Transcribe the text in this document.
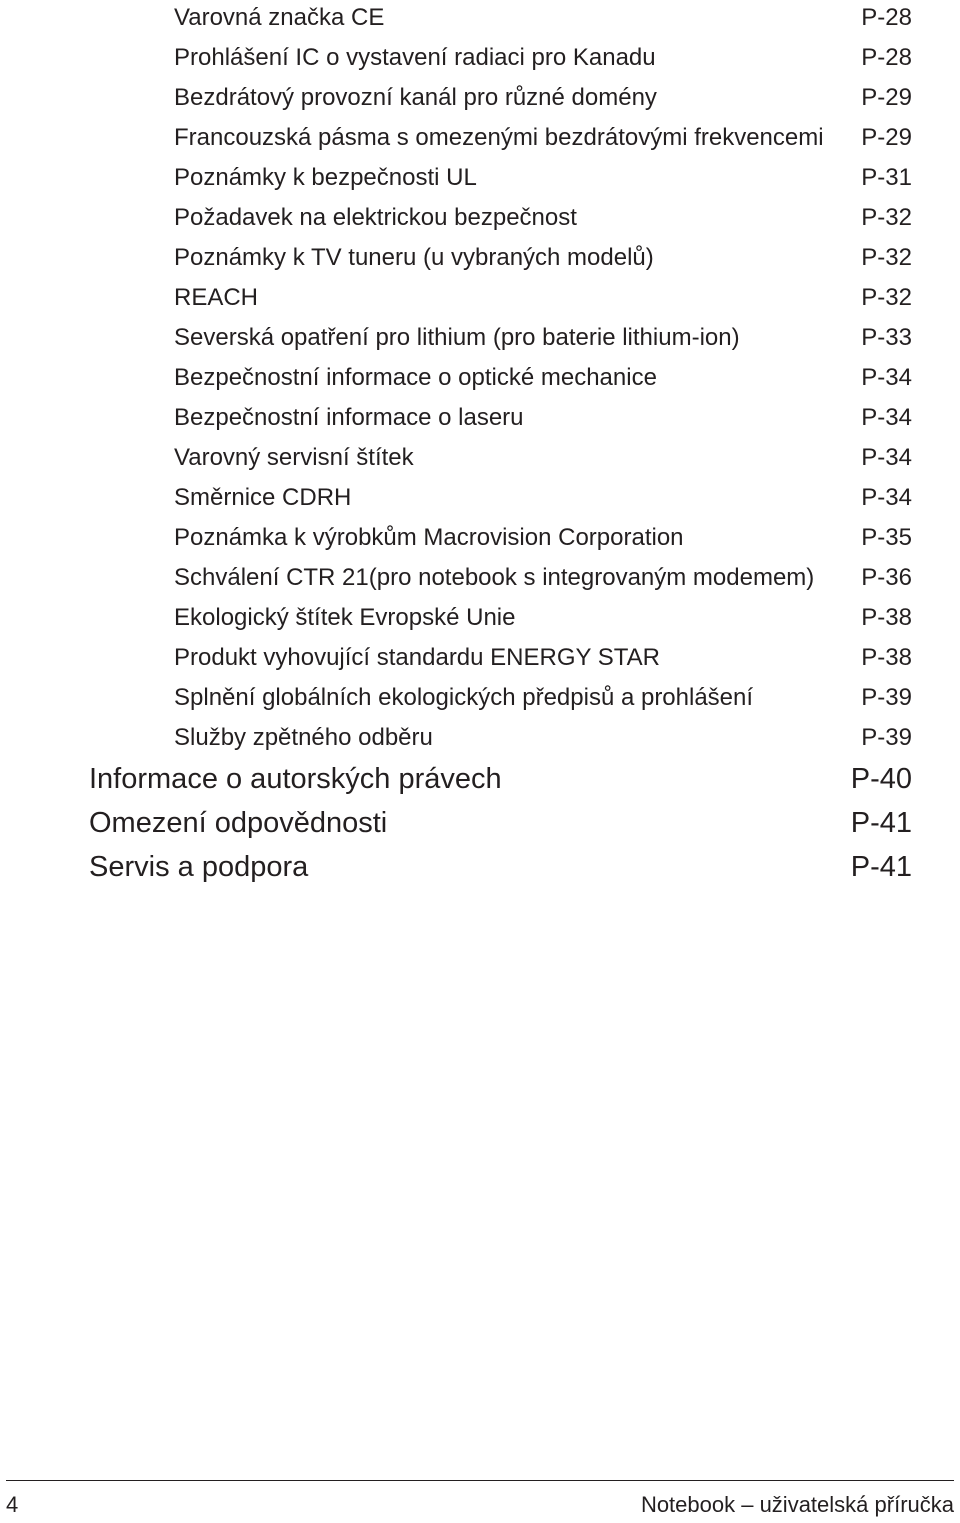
Varovná značka CE	P-28
Prohlášení IC o vystavení radiaci pro Kanadu	P-28
Bezdrátový provozní kanál pro různé domény	P-29
Francouzská pásma s omezenými bezdrátovými frekvencemi P-29
Poznámky k bezpečnosti UL	P-31
Požadavek na elektrickou bezpečnost	P-32
Poznámky k TV tuneru (u vybraných modelů)	P-32
REACH	P-32
Severská opatření pro lithium (pro baterie lithium-ion)	P-33
Bezpečnostní informace o optické mechanice	P-34
Bezpečnostní informace o laseru	P-34
Varovný servisní štítek	P-34
Směrnice CDRH	P-34
Poznámka k výrobkům Macrovision Corporation	P-35
Schválení CTR 21(pro notebook s integrovaným modemem) P-36
Ekologický štítek Evropské Unie	P-38
Produkt vyhovující standardu ENERGY STAR	P-38
Splnění globálních ekologických předpisů a prohlášení	P-39
Služby zpětného odběru	P-39
Informace o autorských právech	P-40
Omezení odpovědnosti	P-41
Servis a podpora	P-41
4	Notebook – uživatelská příručka
